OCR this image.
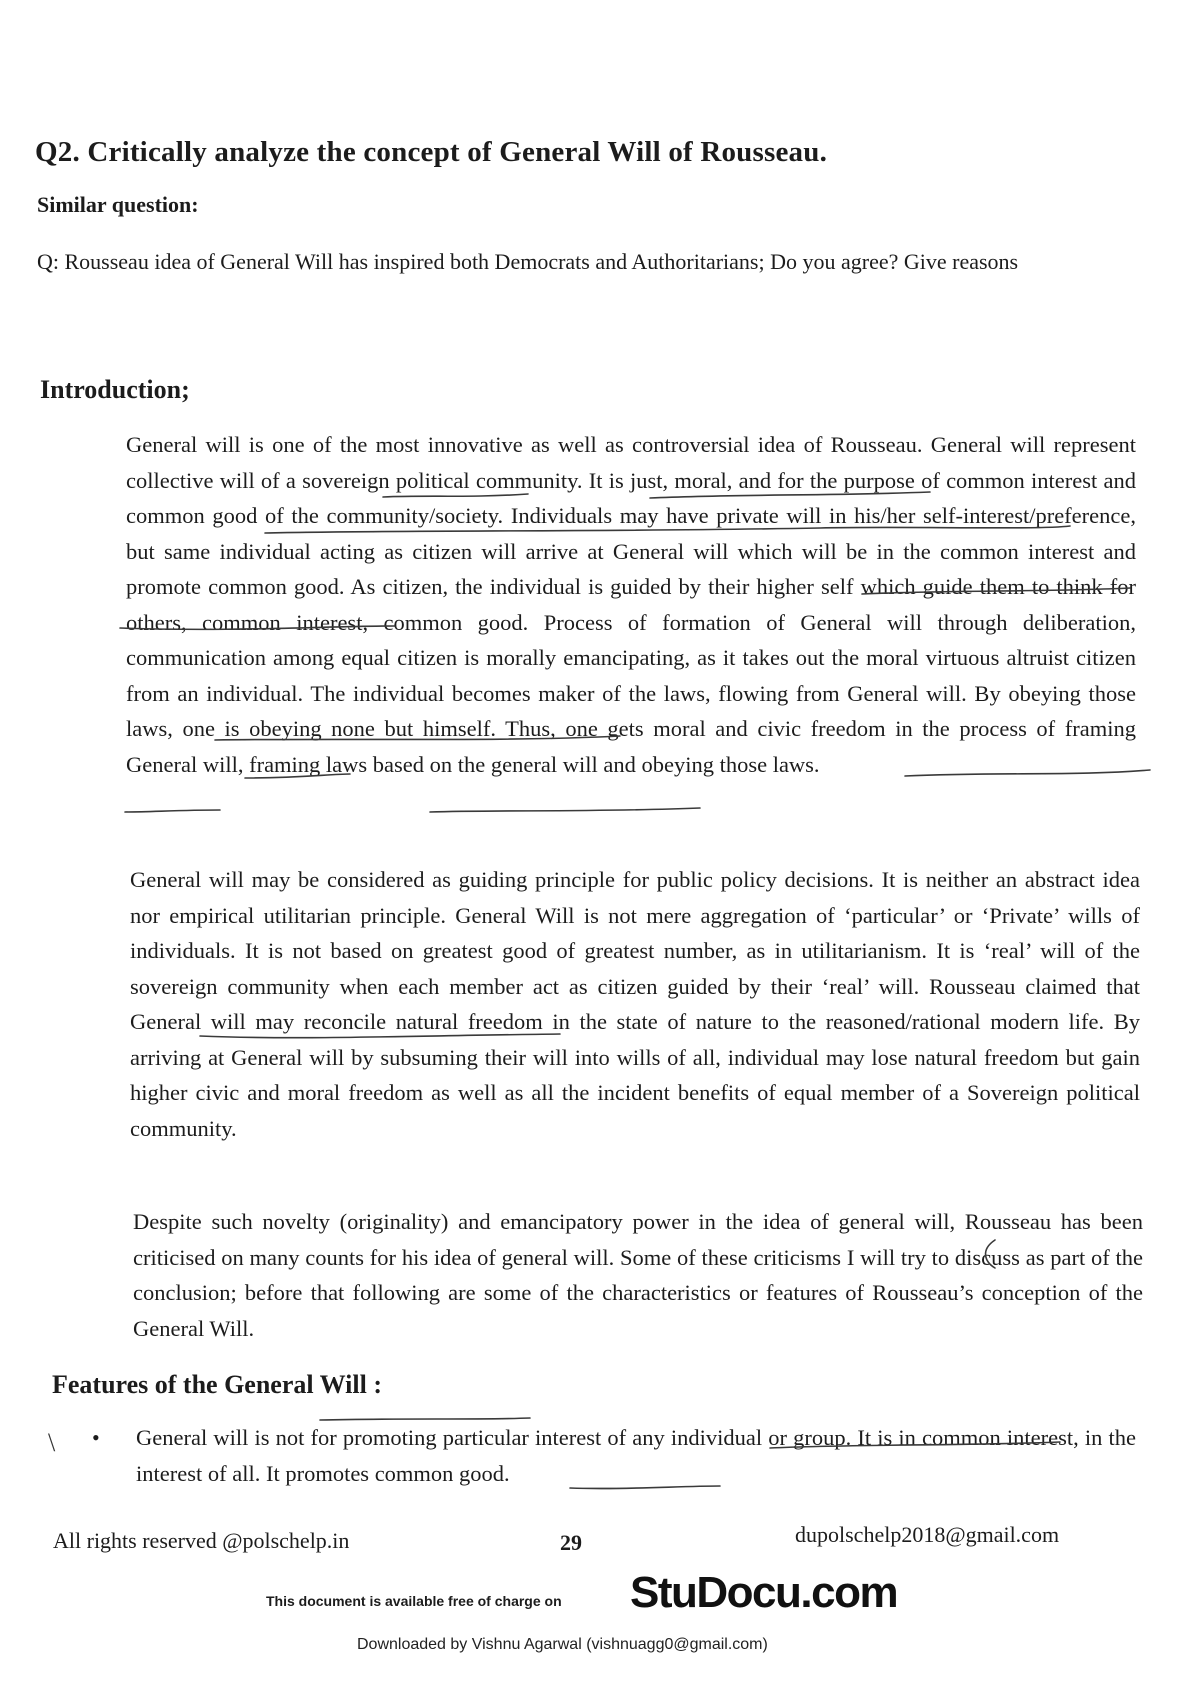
Q2. Critically analyze the concept of General Will of Rousseau.
Similar question:
Q: Rousseau idea of General Will has inspired both Democrats and Authoritarians; Do you agree? Give reasons
Introduction;
General will is one of the most innovative as well as controversial idea of Rousseau. General will represent collective will of a sovereign political community. It is just, moral, and for the purpose of common interest and common good of the community/society. Individuals may have private will in his/her self-interest/preference, but same individual acting as citizen will arrive at General will which will be in the common interest and promote common good. As citizen, the individual is guided by their higher self which guide them to think for others, common interest, common good. Process of formation of General will through deliberation, communication among equal citizen is morally emancipating, as it takes out the moral virtuous altruist citizen from an individual. The individual becomes maker of the laws, flowing from General will. By obeying those laws, one is obeying none but himself. Thus, one gets moral and civic freedom in the process of framing General will, framing laws based on the general will and obeying those laws.
General will may be considered as guiding principle for public policy decisions. It is neither an abstract idea nor empirical utilitarian principle. General Will is not mere aggregation of ‘particular’ or ‘Private’ wills of individuals. It is not based on greatest good of greatest number, as in utilitarianism. It is ‘real’ will of the sovereign community when each member act as citizen guided by their ‘real’ will. Rousseau claimed that General will may reconcile natural freedom in the state of nature to the reasoned/rational modern life. By arriving at General will by subsuming their will into wills of all, individual may lose natural freedom but gain higher civic and moral freedom as well as all the incident benefits of equal member of a Sovereign political community.
Despite such novelty (originality) and emancipatory power in the idea of general will, Rousseau has been criticised on many counts for his idea of general will. Some of these criticisms I will try to discuss as part of the conclusion; before that following are some of the characteristics or features of Rousseau’s conception of the General Will.
Features of the General Will :
\ • General will is not for promoting particular interest of any individual or group. It is in common interest, in the interest of all. It promotes common good.
All rights reserved @polschelp.in	29	dupolschelp2018@gmail.com
This document is available free of charge on StuDocu.com
Downloaded by Vishnu Agarwal (vishnuagg0@gmail.com)
